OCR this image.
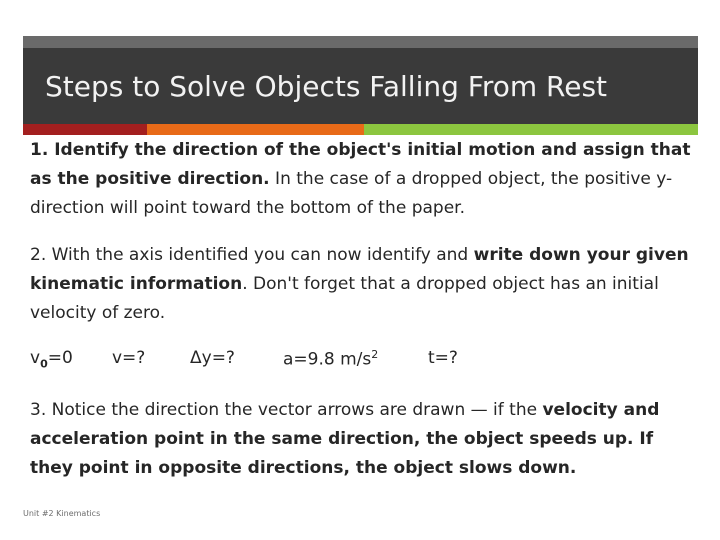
Steps to Solve Objects Falling From Rest

1. Identify the direction of the object's initial motion and assign that as the positive direction. In the case of a dropped object, the positive y-direction will point toward the bottom of the paper.

2. With the axis identified you can now identify and write down your given kinematic information. Don't forget that a dropped object has an initial velocity of zero.

$v_0=0$ v=?	Δy=?	a=9.8 $m/s^2$	t=?

3. Notice the direction the vector arrows are drawn — if the velocity and acceleration point in the same direction, the object speeds up. If they point in opposite directions, the object slows down.

Unit #2 Kinematics
